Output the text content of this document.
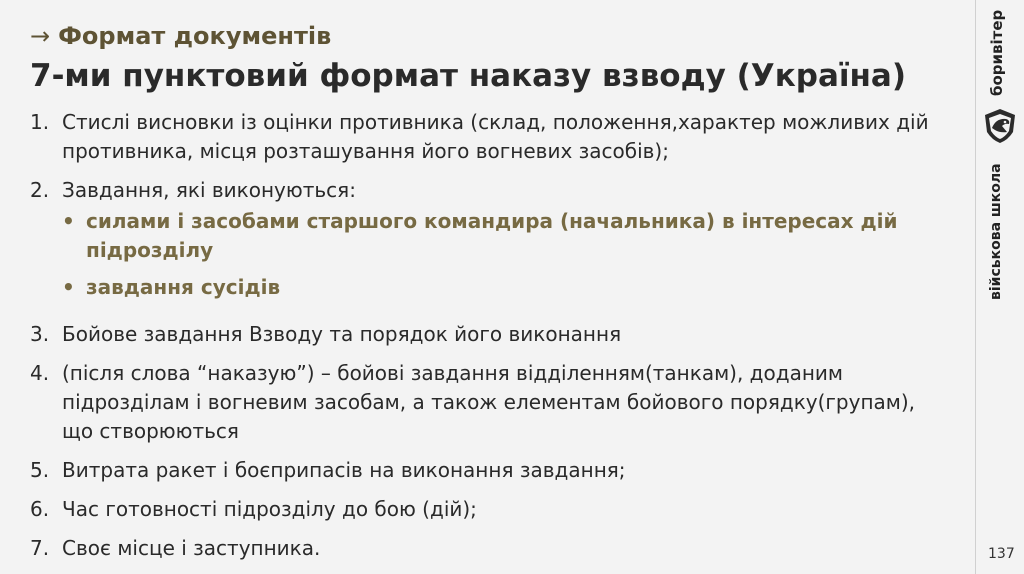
→ Формат документів
7-ми пунктовий формат наказу взводу (Україна)
1. Стислі висновки із оцінки противника (склад, положення,характер можливих дій противника, місця розташування його вогневих засобів);
2. Завдання, які виконуються:
• силами і засобами старшого командира (начальника) в інтересах дій підрозділу
• завдання сусідів
3. Бойове завдання Взводу та порядок його виконання
4. (після слова “наказую”) – бойові завдання відділенням(танкам), доданим підрозділам і вогневим засобам, а також елементам бойового порядку(групам), що створюються
5. Витрата ракет і боєприпасів на виконання завдання;
6. Час готовності підрозділу до бою (дій);
7. Своє місце і заступника.
боривітер
військова школа
137
